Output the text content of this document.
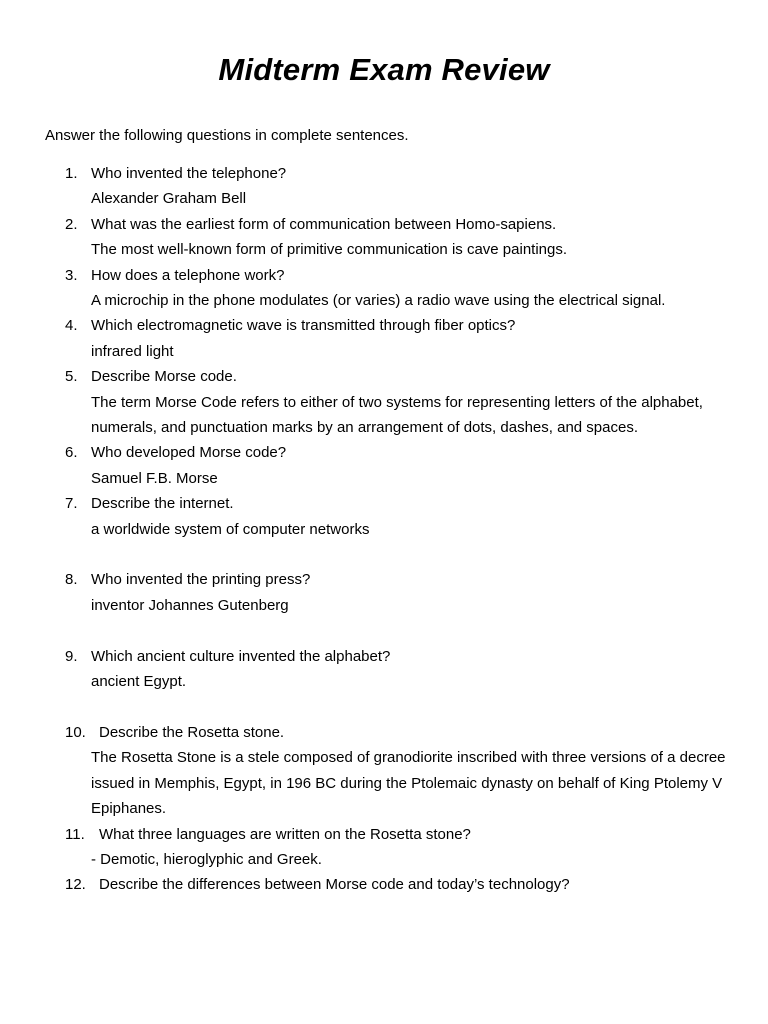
Midterm Exam Review
Answer the following questions in complete sentences.
1. Who invented the telephone?
Alexander Graham Bell
2. What was the earliest form of communication between Homo-sapiens.
The most well-known form of primitive communication is cave paintings.
3. How does a telephone work?
A microchip in the phone modulates (or varies) a radio wave using the electrical signal.
4. Which electromagnetic wave is transmitted through fiber optics?
infrared light
5. Describe Morse code.
The term Morse Code refers to either of two systems for representing letters of the alphabet, numerals, and punctuation marks by an arrangement of dots, dashes, and spaces.
6. Who developed Morse code?
Samuel F.B. Morse
7. Describe the internet.
a worldwide system of computer networks
8. Who invented the printing press?
inventor Johannes Gutenberg
9. Which ancient culture invented the alphabet?
ancient Egypt.
10. Describe the Rosetta stone.
The Rosetta Stone is a stele composed of granodiorite inscribed with three versions of a decree issued in Memphis, Egypt, in 196 BC during the Ptolemaic dynasty on behalf of King Ptolemy V Epiphanes.
11. What three languages are written on the Rosetta stone?
- Demotic, hieroglyphic and Greek.
12. Describe the differences between Morse code and today’s technology?
